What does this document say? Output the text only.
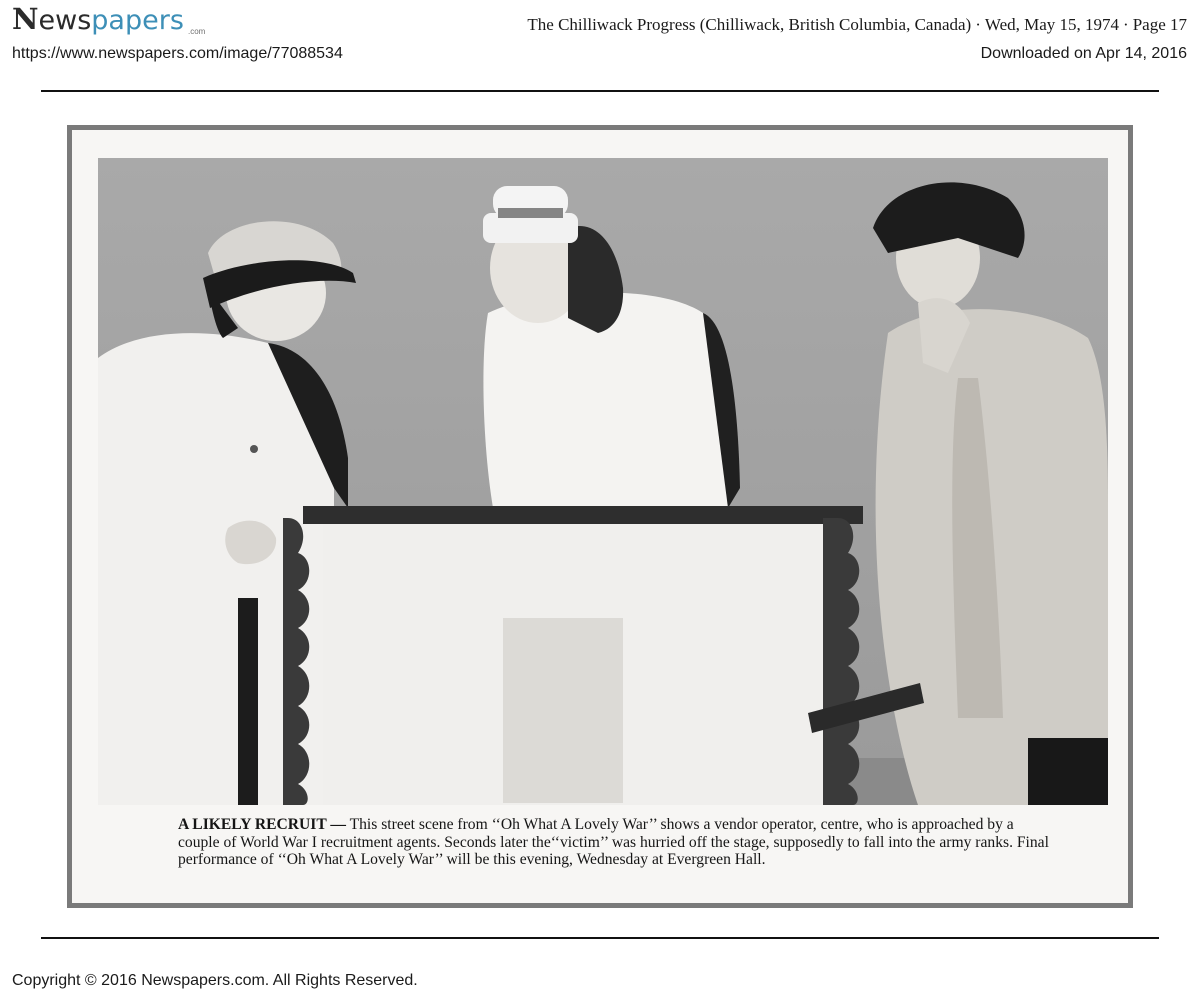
Newspapers .com	The Chilliwack Progress (Chilliwack, British Columbia, Canada) · Wed, May 15, 1974 · Page 17
https://www.newspapers.com/image/77088534	Downloaded on Apr 14, 2016
A LIKELY RECRUIT — This street scene from ‘‘Oh What A Lovely War’’ shows a vendor operator, centre, who is approached by a couple of World War I recruitment agents. Seconds later the‘‘victim’’ was hurried off the stage, supposedly to fall into the army ranks. Final performance of ‘‘Oh What A Lovely War’’ will be this evening, Wednesday at Evergreen Hall.
Copyright © 2016 Newspapers.com. All Rights Reserved.
